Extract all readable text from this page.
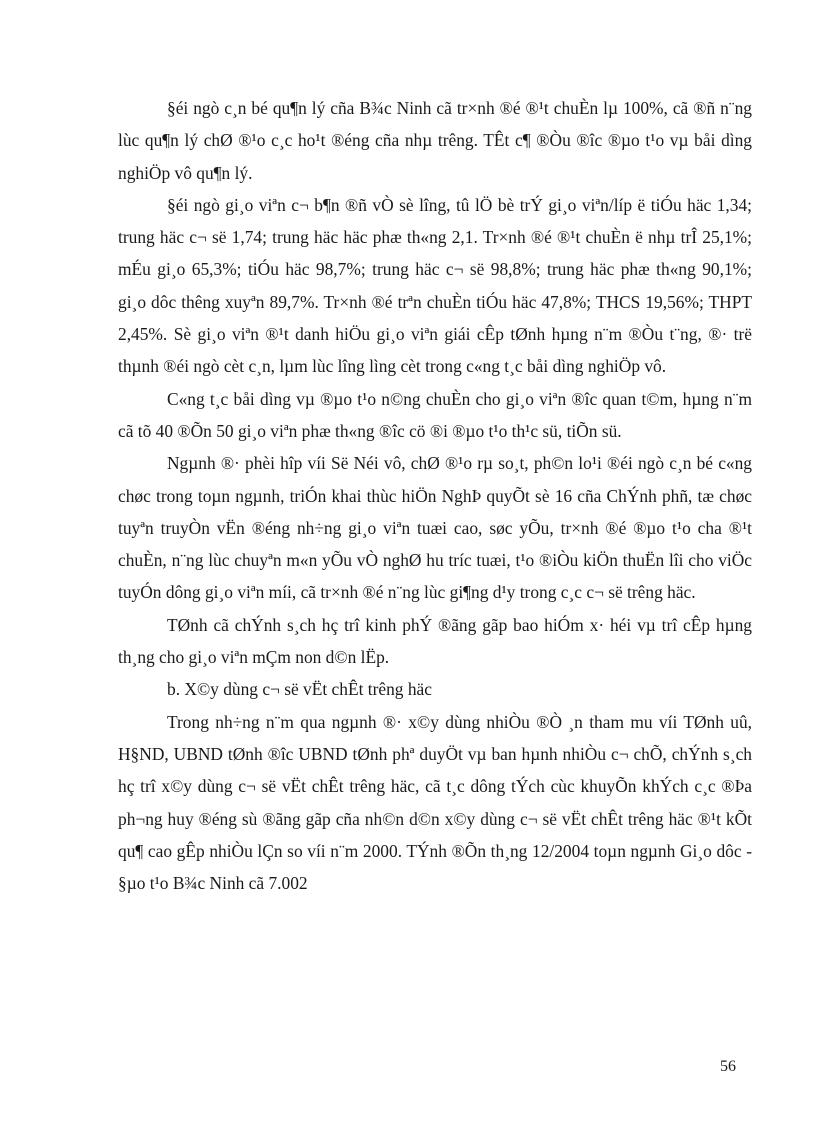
§éi ngò c¸n bé qu¶n lý cña B¾c Ninh cã tr×nh ®é ®¹t chuÈn lµ 100%, cã ®ñ n¨ng lùc qu¶n lý chØ ®¹o c¸c ho¹t ®éng cña nhµ trêng. TÊt c¶ ®Òu ®îc ®µo t¹o vµ båi dìng nghiÖp vô qu¶n lý.

§éi ngò gi¸o viªn c¬ b¶n ®ñ vÒ sè lîng, tû lÖ bè trÝ gi¸o viªn/líp ë tiÓu häc 1,34; trung häc c¬ së 1,74; trung häc häc phæ th«ng 2,1. Tr×nh ®é ®¹t chuÈn ë nhµ trÎ 25,1%; mÉu gi¸o 65,3%; tiÓu häc 98,7%; trung häc c¬ së 98,8%; trung häc phæ th«ng 90,1%; gi¸o dôc thêng xuyªn 89,7%. Tr×nh ®é trªn chuÈn tiÓu häc 47,8%; THCS 19,56%; THPT 2,45%. Sè gi¸o viªn ®¹t danh hiÖu gi¸o viªn giái cÊp tØnh hµng n¨m ®Òu t¨ng, ®· trë thµnh ®éi ngò cèt c¸n, lµm lùc lîng lìng cèt trong c«ng t¸c båi dìng nghiÖp vô.

C«ng t¸c båi dìng vµ ®µo t¹o n©ng chuÈn cho gi¸o viªn ®îc quan t©m, hµng n¨m cã tõ 40 ®Õn 50 gi¸o viªn phæ th«ng ®îc cö ®i ®µo t¹o th¹c sü, tiÕn sü.

Ngµnh ®· phèi hîp víi Së Néi vô, chØ ®¹o rµ so¸t, ph©n lo¹i ®éi ngò c¸n bé c«ng chøc trong toµn ngµnh, triÓn khai thùc hiÖn NghÞ quyÕt sè 16 cña ChÝnh phñ, tæ chøc tuyªn truyÒn vËn ®éng nh÷ng gi¸o viªn tuæi cao, søc yÕu, tr×nh ®é ®µo t¹o cha ®¹t chuÈn, n¨ng lùc chuyªn m«n yÕu vÒ nghØ hu tríc tuæi, t¹o ®iÒu kiÖn thuËn lîi cho viÖc tuyÓn dông gi¸o viªn míi, cã tr×nh ®é n¨ng lùc gi¶ng d¹y trong c¸c c¬ së trêng häc.

TØnh cã chÝnh s¸ch hç trî kinh phÝ ®ãng gãp bao hiÓm x· héi vµ trî cÊp hµng th¸ng cho gi¸o viªn mÇm non d©n lËp.

b. X©y dùng c¬ së vËt chÊt trêng häc

Trong nh÷ng n¨m qua ngµnh ®· x©y dùng nhiÒu ®Ò ¸n tham mu víi TØnh uû, H§ND, UBND tØnh ®îc UBND tØnh phª duyÖt vµ ban hµnh nhiÒu c¬ chÕ, chÝnh s¸ch hç trî x©y dùng c¬ së vËt chÊt trêng häc, cã t¸c dông tÝch cùc khuyÕn khÝch c¸c ®Þa ph¬ng huy ®éng sù ®ãng gãp cña nh©n d©n x©y dùng c¬ së vËt chÊt trêng häc ®¹t kÕt qu¶ cao gÊp nhiÒu lÇn so víi n¨m 2000. TÝnh ®Õn th¸ng 12/2004 toµn ngµnh Gi¸o dôc - §µo t¹o B¾c Ninh cã 7.002

56
